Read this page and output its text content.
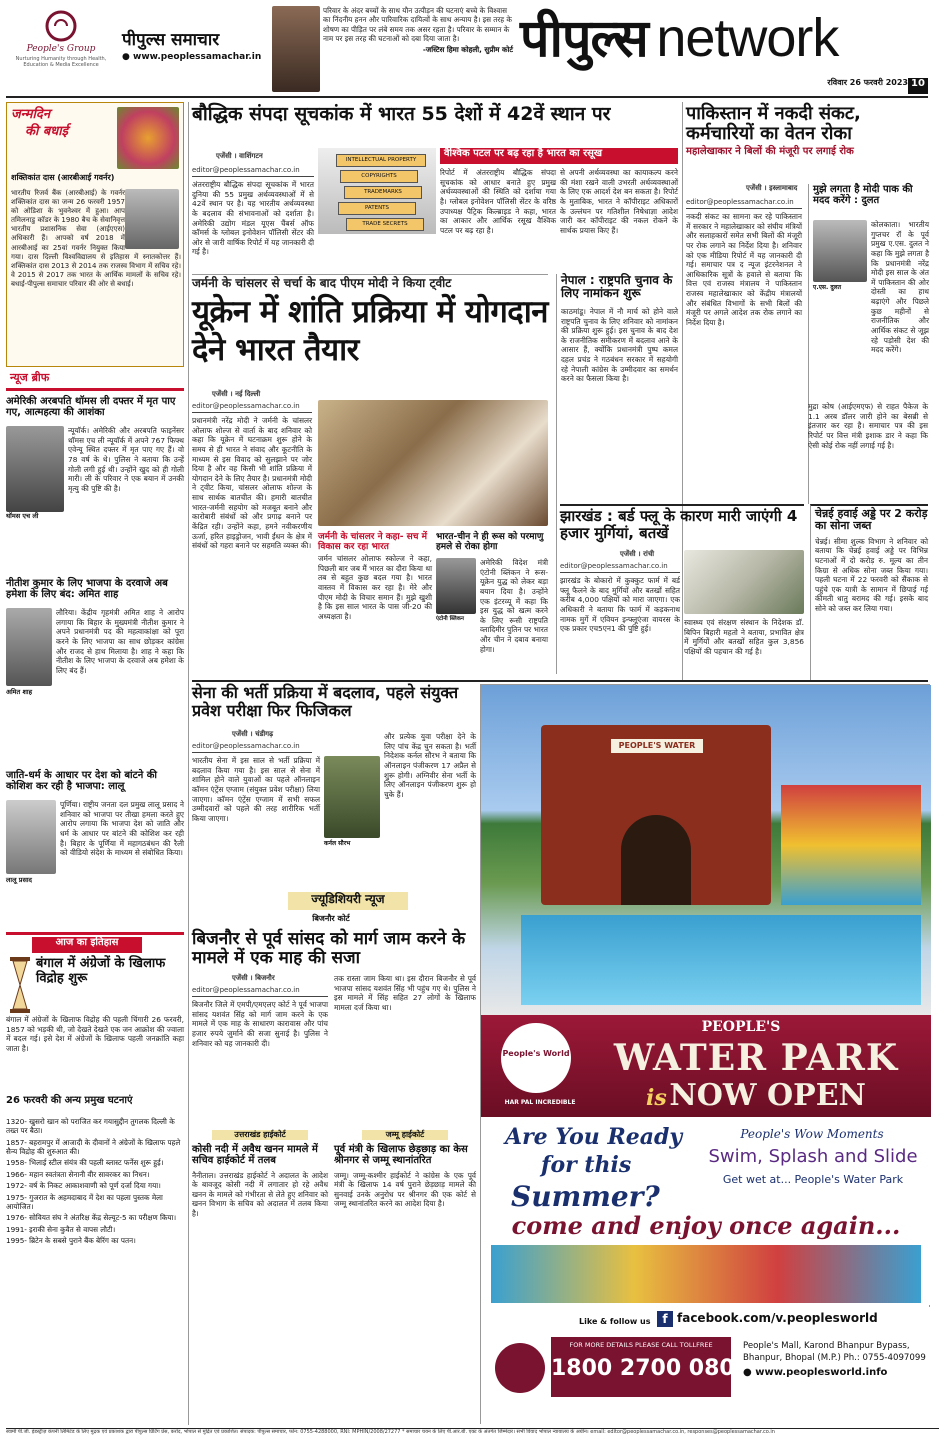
People's Group
Nurturing Humanity through Health, Education & Media Excellence
पीपुल्स समाचार
● www.peoplessamachar.in
परिवार के अंदर बच्चों के साथ यौन उत्पीड़न की घटनाएं बच्चे के विश्वास का निंदनीय हनन और पारिवारिक दायित्वों के साथ अन्याय है। इस तरह के शोषण का पीड़ित पर लंबे समय तक असर रहता है। परिवार के सम्मान के नाम पर इस तरह की घटनाओं को दबा दिया जाता है।
-जस्टिस हिमा कोहली, सुप्रीम कोर्ट पीपुल्स network
रविवार 26 फरवरी 2023 10
जन्मदिन
की बधाई
शक्तिकांत दास (आरबीआई गवर्नर)
भारतीय रिजर्व बैंक (आरबीआई) के गवर्नर शक्तिकांत दास का जन्म 26 फरवरी 1957 को ओडिशा के भुवनेश्वर में हुआ। आप तमिलनाडु कॉडर के 1980 बैच के सेवानिवृत्त भारतीय प्रशासनिक सेवा (आईएएस) अधिकारी हैं। आपको वर्ष 2018 में आरबीआई का 25वां गवर्नर नियुक्त किया गया। दास दिल्ली विश्वविद्यालय से इतिहास में स्नातकोत्तर हैं। शक्तिकांत दास 2013 से 2014 तक राजस्व विभाग में सचिव रहे। वे 2015 से 2017 तक भारत के आर्थिक मामलों के सचिव रहे। बधाई-पीपुल्स समाचार परिवार की ओर से बधाई।
न्यूज ब्रीफ
अमेरिकी अरबपति थॉमस ली दफ्तर में मृत पाए गए, आत्महत्या की आशंका
थॉमस एच ली
न्यूयॉर्क। अमेरिकी और अरबपति फाइनेंसर थॉमस एच ली न्यूयॉर्क में अपने 767 फिफ्थ एवेन्यू स्थित दफ्तर में मृत पाए गए हैं। वो 78 वर्ष के थे। पुलिस ने बताया कि उन्हें गोली लगी हुई थी। उन्होंने खुद को ही गोली मारी। ली के परिवार ने एक बयान में उनकी मृत्यु की पुष्टि की है।
नीतीश कुमार के लिए भाजपा के दरवाजे अब हमेशा के लिए बंद: अमित शाह
अमित शाह
लौरिया। केंद्रीय गृहमंत्री अमित शाह ने आरोप लगाया कि बिहार के मुख्यमंत्री नीतीश कुमार ने अपने प्रधानमंत्री पद की महत्वाकांक्षा को पूरा करने के लिए भाजपा का साथ छोड़कर कांग्रेस और राजद से हाथ मिलाया है। शाह ने कहा कि नीतीश के लिए भाजपा के दरवाजे अब हमेशा के लिए बंद हैं।
जाति-धर्म के आधार पर देश को बांटने की कोशिश कर रही है भाजपा: लालू
लालू प्रसाद
पूर्णिया। राष्ट्रीय जनता दल प्रमुख लालू प्रसाद ने शनिवार को भाजपा पर तीखा हमला करते हुए आरोप लगाया कि भाजपा देश को जाति और धर्म के आधार पर बांटने की कोशिश कर रही है। बिहार के पूर्णिया में महागठबंधन की रैली को वीडियो संदेश के माध्यम से संबोधित किया।
आज का इतिहास
बंगाल में अंग्रेजों के खिलाफ विद्रोह शुरू
बंगाल में अंग्रेजों के खिलाफ विद्रोह की पहली चिंगारी 26 फरवरी, 1857 को भड़की थी, जो देखते देखते एक जन आक्रोश की ज्वाला में बदल गई। इसे देश में अंग्रेजों के खिलाफ पहली जनक्रांति कहा जाता है।
26 फरवरी की अन्य प्रमुख घटनाएं
1320- खुसरो खान को पराजित कर गयासुद्दीन तुगलक दिल्ली के तख्त पर बैठा।
1857- बहरामपुर में आजादी के दीवानों ने अंग्रेजों के खिलाफ पहले सैन्य विद्रोह की शुरुआत की।
1958- भिलाई स्टील संयंत्र की पहली ब्लास्ट फर्नेस शुरू हुई।
1966- महान स्वतंत्रता सेनानी वीर सावरकर का निधन।
1972- वर्ष के निकट आकाशवाणी को पूर्ण दर्जा दिया गया।
1975- गुजरात के अहमदाबाद में देश का पहला पुस्तक मेला आयोजित।
1976- सोवियत संघ ने अंतरिक्ष केंद्र सेल्यूट-5 का परीक्षण किया।
1991- इराकी सेना कुवैत से वापस लौटी।
1995- ब्रिटेन के सबसे पुराने बैंक बेरिंग का पतन।
बौद्धिक संपदा सूचकांक में भारत 55 देशों में 42वें स्थान पर
एजेंसी । वाशिंगटन
editor@peoplessamachar.co.in
अंतरराष्ट्रीय बौद्धिक संपदा सूचकांक में भारत दुनिया की 55 प्रमुख अर्थव्यवस्थाओं में से 42वें स्थान पर है। यह भारतीय अर्थव्यवस्था के बदलाव की संभावनाओं को दर्शाता है। अमेरिकी उद्योग मंडल यूएस चैंबर्स ऑफ कॉमर्स के ग्लोबल इनोवेशन पॉलिसी सेंटर की ओर से जारी वार्षिक रिपोर्ट में यह जानकारी दी गई है।
INTELLECTUAL PROPERTY
COPYRIGHTS
TRADEMARKS
PATENTS
TRADE SECRETS
वैश्विक पटल पर बढ़ रहा है भारत का रसूख
रिपोर्ट में अंतरराष्ट्रीय बौद्धिक संपदा सूचकांक को आधार बनाते हुए प्रमुख अर्थव्यवस्थाओं की स्थिति को दर्शाया गया है। ग्लोबल इनोवेशन पॉलिसी सेंटर के वरिष्ठ उपाध्यक्ष पैट्रिक किल्ब्राइड ने कहा, भारत का आकार और आर्थिक रसूख वैश्विक पटल पर बढ़ रहा है।
से अपनी अर्थव्यवस्था का कायाकल्प करने की मंशा रखने वाली उभरती अर्थव्यवस्थाओं के लिए एक आदर्श देश बन सकता है। रिपोर्ट के मुताबिक, भारत ने कॉपीराइट अधिकारों के उल्लंघन पर गतिशील निषेधाज्ञा आदेश जारी कर कॉपीराइट की नकल रोकने के सार्थक प्रयास किए हैं।
जर्मनी के चांसलर से चर्चा के बाद पीएम मोदी ने किया ट्वीट
यूक्रेन में शांति प्रक्रिया में योगदान देने भारत तैयार
एजेंसी । नई दिल्ली
editor@peoplessamachar.co.in
प्रधानमंत्री नरेंद्र मोदी ने जर्मनी के चांसलर ओलाफ शोल्ज से वार्ता के बाद शनिवार को कहा कि यूक्रेन में घटनाक्रम शुरू होने के समय से ही भारत ने संवाद और कूटनीति के माध्यम से इस विवाद को सुलझाने पर जोर दिया है और वह किसी भी शांति प्रक्रिया में योगदान देने के लिए तैयार है। प्रधानमंत्री मोदी ने ट्वीट किया, चांसलर ओलाफ शोल्ज के साथ सार्थक बातचीत की। हमारी बातचीत भारत-जर्मनी सहयोग को मजबूत बनाने और कारोबारी संबंधों को और प्रगाढ़ बनाने पर केंद्रित रही। उन्होंने कहा, हमने नवीकरणीय ऊर्जा, हरित हाइड्रोजन, भावी ईंधन के क्षेत्र में संबंधों को गहरा बनाने पर सहमति व्यक्त की।
जर्मनी के चांसलर ने कहा- सच में विकास कर रहा भारत
जर्मन चांसलर ओलाफ स्कोल्ज ने कहा, पिछली बार जब मैं भारत का दौरा किया था तब से बहुत कुछ बदल गया है। भारत वास्तव में विकास कर रहा है। मेरे और पीएम मोदी के विचार समान हैं। मुझे खुशी है कि इस साल भारत के पास जी-20 की अध्यक्षता है।
भारत-चीन ने ही रूस को परमाणु हमले से रोका होगा
एंटोनी ब्लिंकन
अमेरिकी विदेश मंत्री एंटोनी ब्लिंकन ने रूस-यूक्रेन युद्ध को लेकर बड़ा बयान दिया है। उन्होंने एक इंटरव्यू में कहा कि इस युद्ध को खत्म करने के लिए रूसी राष्ट्रपति व्लादिमीर पुतिन पर भारत और चीन ने दबाव बनाया होगा।
नेपाल : राष्ट्रपति चुनाव के लिए नामांकन शुरू
काठमांडू। नेपाल में नौ मार्च को होने वाले राष्ट्रपति चुनाव के लिए शनिवार को नामांकन की प्रक्रिया शुरू हुई। इस चुनाव के बाद देश के राजनीतिक समीकरण में बदलाव आने के आसार हैं, क्योंकि प्रधानमंत्री पुष्प कमल दहल प्रचंड ने गठबंधन सरकार में सहयोगी रहे नेपाली कांग्रेस के उम्मीदवार का समर्थन करने का फैसला किया है।
पाकिस्तान में नकदी संकट, कर्मचारियों का वेतन रोका
महालेखाकार ने बिलों की मंजूरी पर लगाई रोक
एजेंसी । इस्लामाबाद
editor@peoplessamachar.co.in
नकदी संकट का सामना कर रहे पाकिस्तान में सरकार ने महालेखाकार को संघीय मंत्रियों और सलाहकारों समेत सभी बिलों की मंजूरी पर रोक लगाने का निर्देश दिया है। शनिवार को एक मीडिया रिपोर्ट में यह जानकारी दी गई। समाचार पत्र द न्यूज इंटरनेशनल ने आधिकारिक सूत्रों के हवाले से बताया कि वित्त एवं राजस्व मंत्रालय ने पाकिस्तान राजस्व महालेखाकार को केंद्रीय मंत्रालयों और संबंधित विभागों के सभी बिलों की मंजूरी पर अगले आदेश तक रोक लगाने का निर्देश दिया है।
मुझे लगता है मोदी पाक की मदद करेंगे : दुलत
ए.एस. दुलत
कोलकाता। भारतीय गुप्तचर रॉ के पूर्व प्रमुख ए.एस. दुलत ने कहा कि मुझे लगता है कि प्रधानमंत्री नरेंद्र मोदी इस साल के अंत में पाकिस्तान की ओर दोस्ती का हाथ बढ़ाएंगे और पिछले कुछ महीनों से राजनीतिक और आर्थिक संकट से जूझ रहे पड़ोसी देश की मदद करेंगे।
मुद्रा कोष (आईएमएफ) से राहत पैकेज के 1.1 अरब डॉलर जारी होने का बेसब्री से इंतजार कर रहा है। समाचार पत्र की इस रिपोर्ट पर वित्त मंत्री इशाक डार ने कहा कि ऐसी कोई रोक नहीं लगाई गई है।
झारखंड : बर्ड फ्लू के कारण मारी जाएंगी 4 हजार मुर्गियां, बतखें
एजेंसी । रांची
editor@peoplessamachar.co.in
झारखंड के बोकारो में कुक्कुट फार्म में बर्ड फ्लू फैलने के बाद मुर्गियों और बतखों सहित करीब 4,000 पक्षियों को मारा जाएगा। एक अधिकारी ने बताया कि फार्म में कड़कनाथ नामक मुर्गे में एवियन इन्फ्लूएंजा वायरस के एक प्रकार एच5एन1 की पुष्टि हुई।
स्वास्थ्य एवं संरक्षण संस्थान के निदेशक डॉ. बिपिन बिहारी महतो ने बताया, प्रभावित क्षेत्र में मुर्गियों और बतखों सहित कुल 3,856 पक्षियों की पहचान की गई है।
चेन्नई हवाई अड्डे पर 2 करोड़ का सोना जब्त
चेन्नई। सीमा शुल्क विभाग ने शनिवार को बताया कि चेन्नई हवाई अड्डे पर विभिन्न घटनाओं में दो करोड़ रु. मूल्य का तीन किग्रा से अधिक सोना जब्त किया गया। पहली घटना में 22 फरवरी को सैंकाक से पहुंचे एक यात्री के सामान में छिपाई गई कीमती धातु बरामद की गई। इसके बाद सोने को जब्त कर लिया गया।
सेना की भर्ती प्रक्रिया में बदलाव, पहले संयुक्त प्रवेश परीक्षा फिर फिजिकल
एजेंसी । चंडीगढ़
editor@peoplessamachar.co.in
भारतीय सेना में इस साल से भर्ती प्रक्रिया में बदलाव किया गया है। इस साल से सेना में शामिल होने वाले युवाओं का पहले ऑनलाइन कॉमन एंट्रेंस एग्जाम (संयुक्त प्रवेश परीक्षा) लिया जाएगा। कॉमन एंट्रेंस एग्जाम में सभी सफल उम्मीदवारों को पहले की तरह शारीरिक भर्ती किया जाएगा।
कर्नल सौरभ
और प्रत्येक युवा परीक्षा देने के लिए पांच केंद्र चुन सकता है। भर्ती निदेशक कर्नल सौरभ ने बताया कि ऑनलाइन पंजीकरण 17 अप्रैल से शुरू होगी। अग्निवीर सेना भर्ती के लिए ऑनलाइन पंजीकरण शुरू हो चुके हैं।
ज्यूडिशियरी न्यूज
बिजनौर कोर्ट
बिजनौर से पूर्व सांसद को मार्ग जाम करने के मामले में एक माह की सजा
एजेंसी । बिजनौर
editor@peoplessamachar.co.in
बिजनौर जिले में एमपी/एमएलए कोर्ट ने पूर्व भाजपा सांसद यशवंत सिंह को मार्ग जाम करने के एक मामले में एक माह के साधारण कारावास और पांच हजार रुपये जुर्माने की सजा सुनाई है। पुलिस ने शनिवार को यह जानकारी दी।
तक रास्ता जाम किया था। इस दौरान बिजनौर से पूर्व भाजपा सांसद यशवंत सिंह भी पहुंच गए थे। पुलिस ने इस मामले में सिंह सहित 27 लोगों के खिलाफ मामला दर्ज किया था।
उत्तराखंड हाईकोर्ट
कोसी नदी में अवैध खनन मामले में सचिव हाईकोर्ट में तलब
नैनीताल। उत्तराखंड हाईकोर्ट ने अदालत के आदेश के बावजूद कोसी नदी में लगातार हो रहे अवैध खनन के मामले को गंभीरता से लेते हुए शनिवार को खनन विभाग के सचिव को अदालत में तलब किया है।
जम्मू हाईकोर्ट
पूर्व मंत्री के खिलाफ छेड़छाड़ का केस श्रीनगर से जम्मू स्थानांतरित
जम्मू। जम्मू-कश्मीर हाईकोर्ट ने कांग्रेस के एक पूर्व मंत्री के खिलाफ 14 वर्ष पुराने छेड़छाड़ मामले की सुनवाई उनके अनुरोध पर श्रीनगर की एक कोर्ट से जम्मू स्थानांतरित करने का आदेश दिया है।
PEOPLE'S WATER PARK
People's World
HAR PAL INCREDIBLE
PEOPLE'S
WATER PARK
is NOW OPEN
Are You Ready
for this
Summer?
People's Wow Moments
Swim, Splash and Slide
Get wet at... People's Water Park
come and enjoy once again...
Like & follow us f facebook.com/v.peoplesworld
FOR MORE DETAILS PLEASE CALL TOLLFREE
1800 2700 080
People's Mall, Karond Bhanpur Bypass,
Bhanpur, Bhopal (M.P.) Ph.: 0755-4097099
● www.peoplesworld.info
स्वामी पी.जी. इंडस्ट्रीज़ कंपनी लिमिटेड के लिए मुद्रक एवं प्रकाशक द्वारा पीपुल्स प्रिंटिंग प्रेस, करोंद, भोपाल से मुद्रित एवं प्रकाशित। संपादक: पीपुल्स समाचार, फोन: 0755-4288000, RNI: MPHIN/2008/27277 * समाचार चयन के लिए पी.आर.बी. एक्ट के अंतर्गत जिम्मेदार। सभी विवाद भोपाल न्यायालय के अधीन। email: editor@peoplessamachar.co.in, responses@peoplessamachar.co.in
